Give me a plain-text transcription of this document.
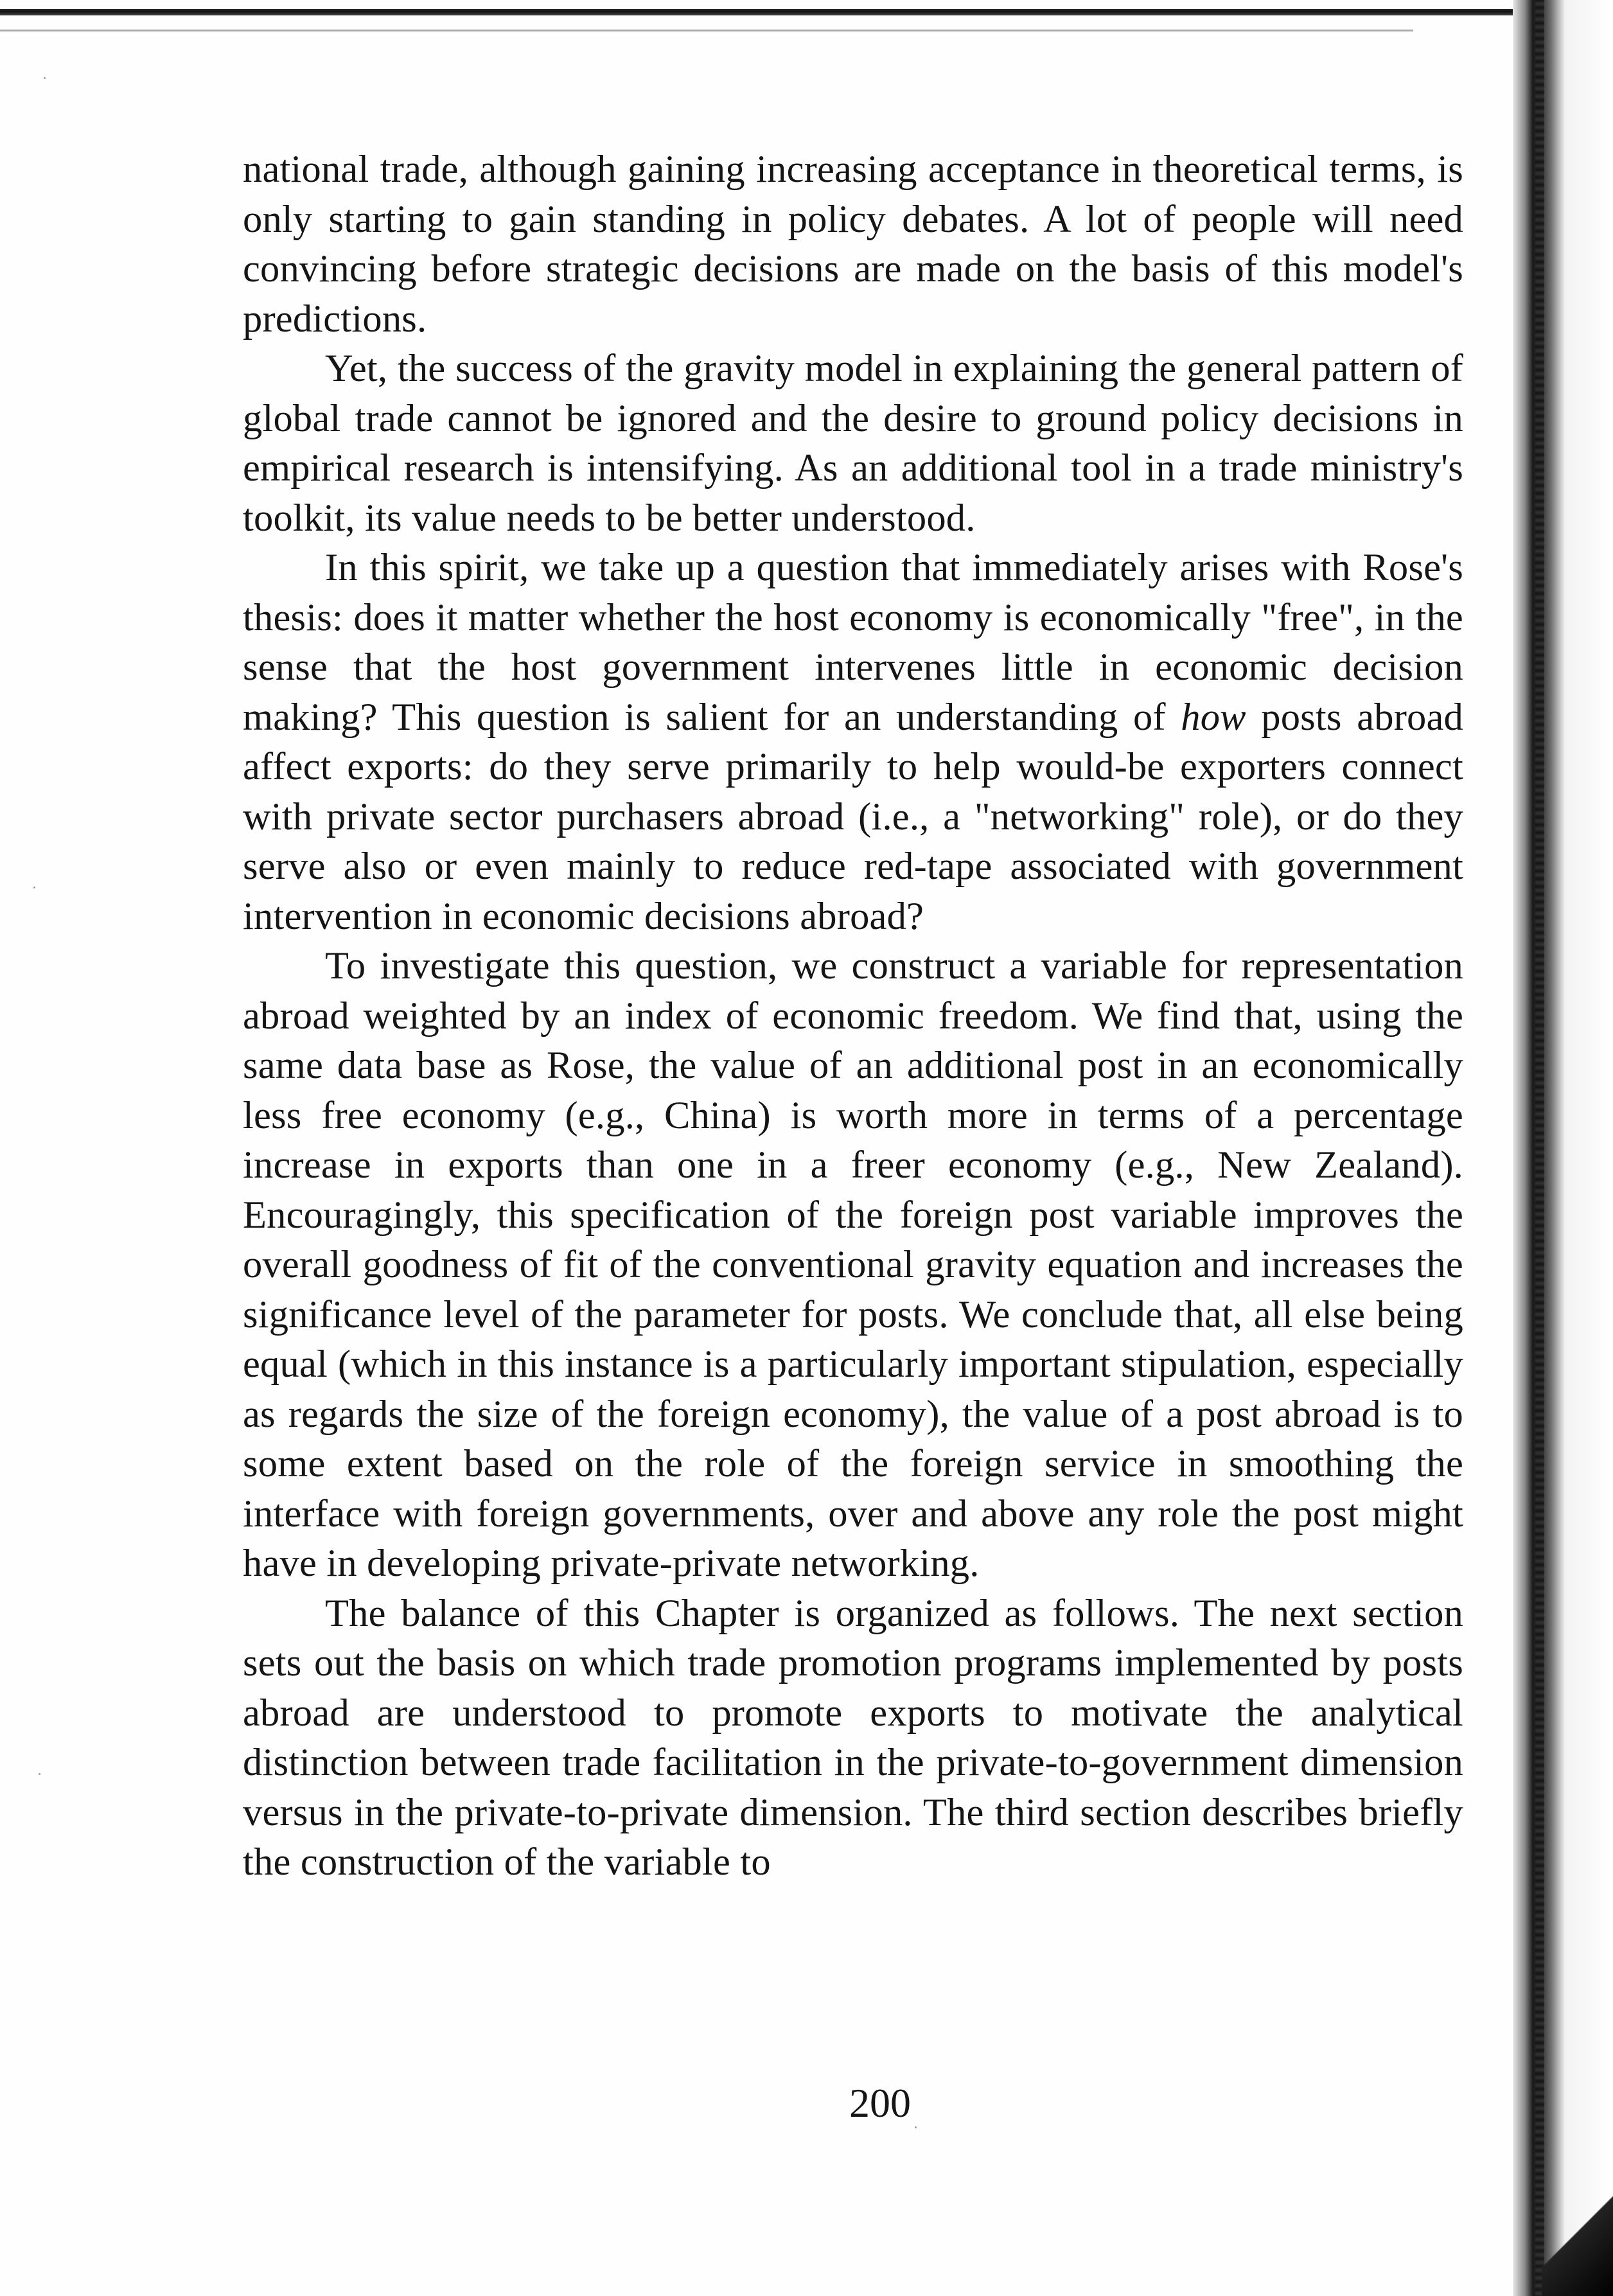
national trade, although gaining increasing acceptance in theoretical terms, is only starting to gain standing in policy debates. A lot of people will need convincing before strategic decisions are made on the basis of this model's predictions.

Yet, the success of the gravity model in explaining the general pattern of global trade cannot be ignored and the desire to ground policy decisions in empirical research is intensifying. As an additional tool in a trade ministry's toolkit, its value needs to be better understood.

In this spirit, we take up a question that immediately arises with Rose's thesis: does it matter whether the host economy is economically "free", in the sense that the host government intervenes little in economic decision making? This question is salient for an understanding of how posts abroad affect exports: do they serve primarily to help would-be exporters connect with private sector purchasers abroad (i.e., a "networking" role), or do they serve also or even mainly to reduce red-tape associated with government intervention in economic decisions abroad?

To investigate this question, we construct a variable for representation abroad weighted by an index of economic freedom. We find that, using the same data base as Rose, the value of an additional post in an economically less free economy (e.g., China) is worth more in terms of a percentage increase in exports than one in a freer economy (e.g., New Zealand). Encouragingly, this specification of the foreign post variable improves the overall goodness of fit of the conventional gravity equation and increases the significance level of the parameter for posts. We conclude that, all else being equal (which in this instance is a particularly important stipulation, especially as regards the size of the foreign economy), the value of a post abroad is to some extent based on the role of the foreign service in smoothing the interface with foreign governments, over and above any role the post might have in developing private-private networking.

The balance of this Chapter is organized as follows. The next section sets out the basis on which trade promotion programs implemented by posts abroad are understood to promote exports to motivate the analytical distinction between trade facilitation in the private-to-government dimension versus in the private-to-private dimension. The third section describes briefly the construction of the variable to

200
